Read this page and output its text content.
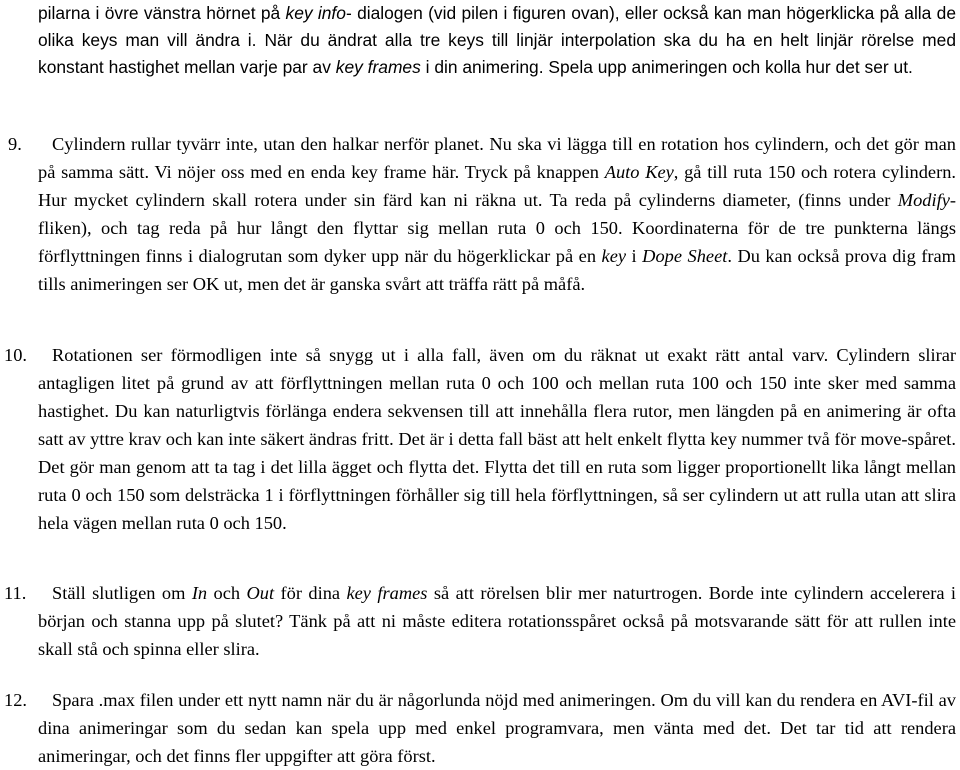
pilarna i övre vänstra hörnet på key info- dialogen (vid pilen i figuren ovan), eller också kan man högerklicka på alla de olika keys man vill ändra i. När du ändrat alla tre keys till linjär interpolation ska du ha en helt linjär rörelse med konstant hastighet mellan varje par av key frames i din animering. Spela upp animeringen och kolla hur det ser ut.

9.	Cylindern rullar tyvärr inte, utan den halkar nerför planet. Nu ska vi lägga till en rotation hos cylindern, och det gör man på samma sätt. Vi nöjer oss med en enda key frame här. Tryck på knappen Auto Key, gå till ruta 150 och rotera cylindern. Hur mycket cylindern skall rotera under sin färd kan ni räkna ut. Ta reda på cylinderns diameter, (finns under Modify-fliken), och tag reda på hur långt den flyttar sig mellan ruta 0 och 150. Koordinaterna för de tre punkterna längs förflyttningen finns i dialogrutan som dyker upp när du högerklickar på en key i Dope Sheet. Du kan också prova dig fram tills animeringen ser OK ut, men det är ganska svårt att träffa rätt på måfå.

10.	Rotationen ser förmodligen inte så snygg ut i alla fall, även om du räknat ut exakt rätt antal varv. Cylindern slirar antagligen litet på grund av att förflyttningen mellan ruta 0 och 100 och mellan ruta 100 och 150 inte sker med samma hastighet. Du kan naturligtvis förlänga endera sekvensen till att innehålla flera rutor, men längden på en animering är ofta satt av yttre krav och kan inte säkert ändras fritt. Det är i detta fall bäst att helt enkelt flytta key nummer två för move-spåret. Det gör man genom att ta tag i det lilla ägget och flytta det. Flytta det till en ruta som ligger proportionellt lika långt mellan ruta 0 och 150 som delsträcka 1 i förflyttningen förhåller sig till hela förflyttningen, så ser cylindern ut att rulla utan att slira hela vägen mellan ruta 0 och 150.

11.	Ställ slutligen om In och Out för dina key frames så att rörelsen blir mer naturtrogen. Borde inte cylindern accelerera i början och stanna upp på slutet? Tänk på att ni måste editera rotationsspåret också på motsvarande sätt för att rullen inte skall stå och spinna eller slira.

12.	Spara .max filen under ett nytt namn när du är någorlunda nöjd med animeringen. Om du vill kan du rendera en AVI-fil av dina animeringar som du sedan kan spela upp med enkel programvara, men vänta med det. Det tar tid att rendera animeringar, och det finns fler uppgifter att göra först.
